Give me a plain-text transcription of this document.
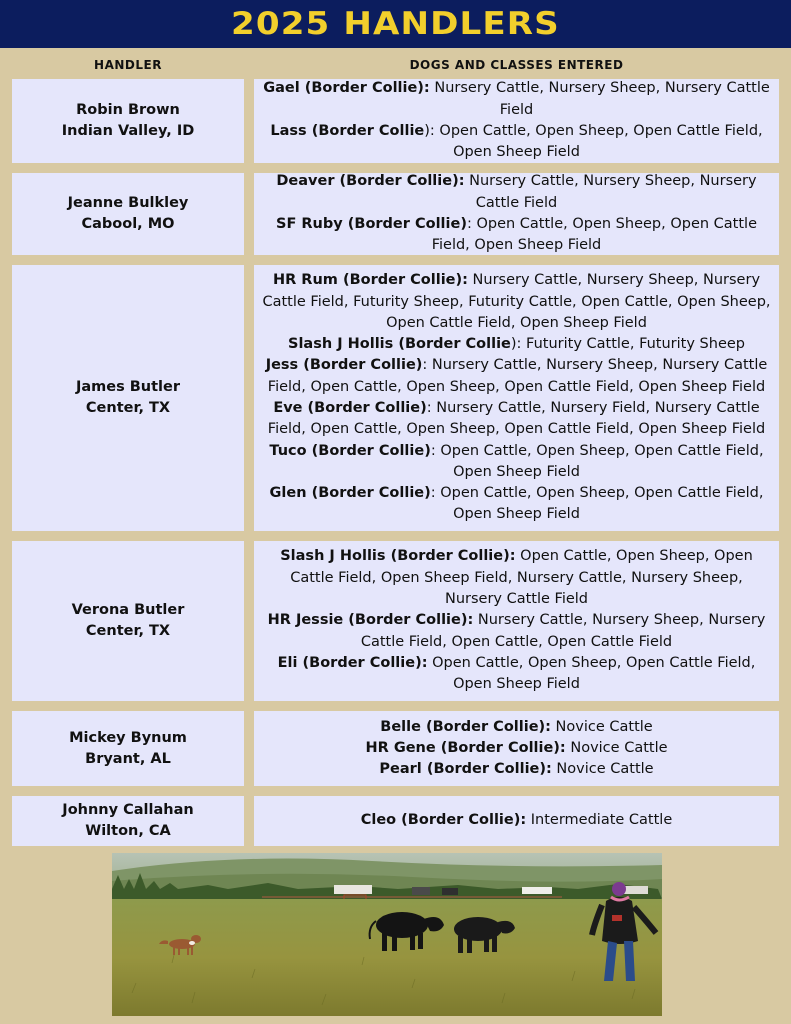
2025 HANDLERS
HANDLER	DOGS AND CLASSES ENTERED
Robin Brown
Indian Valley, ID
Gael (Border Collie): Nursery Cattle, Nursery Sheep, Nursery Cattle Field
Lass (Border Collie): Open Cattle, Open Sheep, Open Cattle Field, Open Sheep Field
Jeanne Bulkley
Cabool, MO
Deaver (Border Collie): Nursery Cattle, Nursery Sheep, Nursery Cattle Field
SF Ruby (Border Collie): Open Cattle, Open Sheep, Open Cattle Field, Open Sheep Field
James Butler
Center, TX
HR Rum (Border Collie): Nursery Cattle, Nursery Sheep, Nursery Cattle Field, Futurity Sheep, Futurity Cattle, Open Cattle, Open Sheep, Open Cattle Field, Open Sheep Field
Slash J Hollis (Border Collie): Futurity Cattle, Futurity Sheep
Jess (Border Collie): Nursery Cattle, Nursery Sheep, Nursery Cattle Field, Open Cattle, Open Sheep, Open Cattle Field, Open Sheep Field
Eve (Border Collie): Nursery Cattle, Nursery Field, Nursery Cattle Field, Open Cattle, Open Sheep, Open Cattle Field, Open Sheep Field
Tuco (Border Collie): Open Cattle, Open Sheep, Open Cattle Field, Open Sheep Field
Glen (Border Collie): Open Cattle, Open Sheep, Open Cattle Field, Open Sheep Field
Verona Butler
Center, TX
Slash J Hollis (Border Collie): Open Cattle, Open Sheep, Open Cattle Field, Open Sheep Field, Nursery Cattle, Nursery Sheep, Nursery Cattle Field
HR Jessie (Border Collie): Nursery Cattle, Nursery Sheep, Nursery Cattle Field, Open Cattle, Open Cattle Field
Eli (Border Collie): Open Cattle, Open Sheep, Open Cattle Field, Open Sheep Field
Mickey Bynum
Bryant, AL
Belle (Border Collie): Novice Cattle
HR Gene (Border Collie): Novice Cattle
Pearl (Border Collie): Novice Cattle
Johnny Callahan
Wilton, CA
Cleo (Border Collie): Intermediate Cattle
